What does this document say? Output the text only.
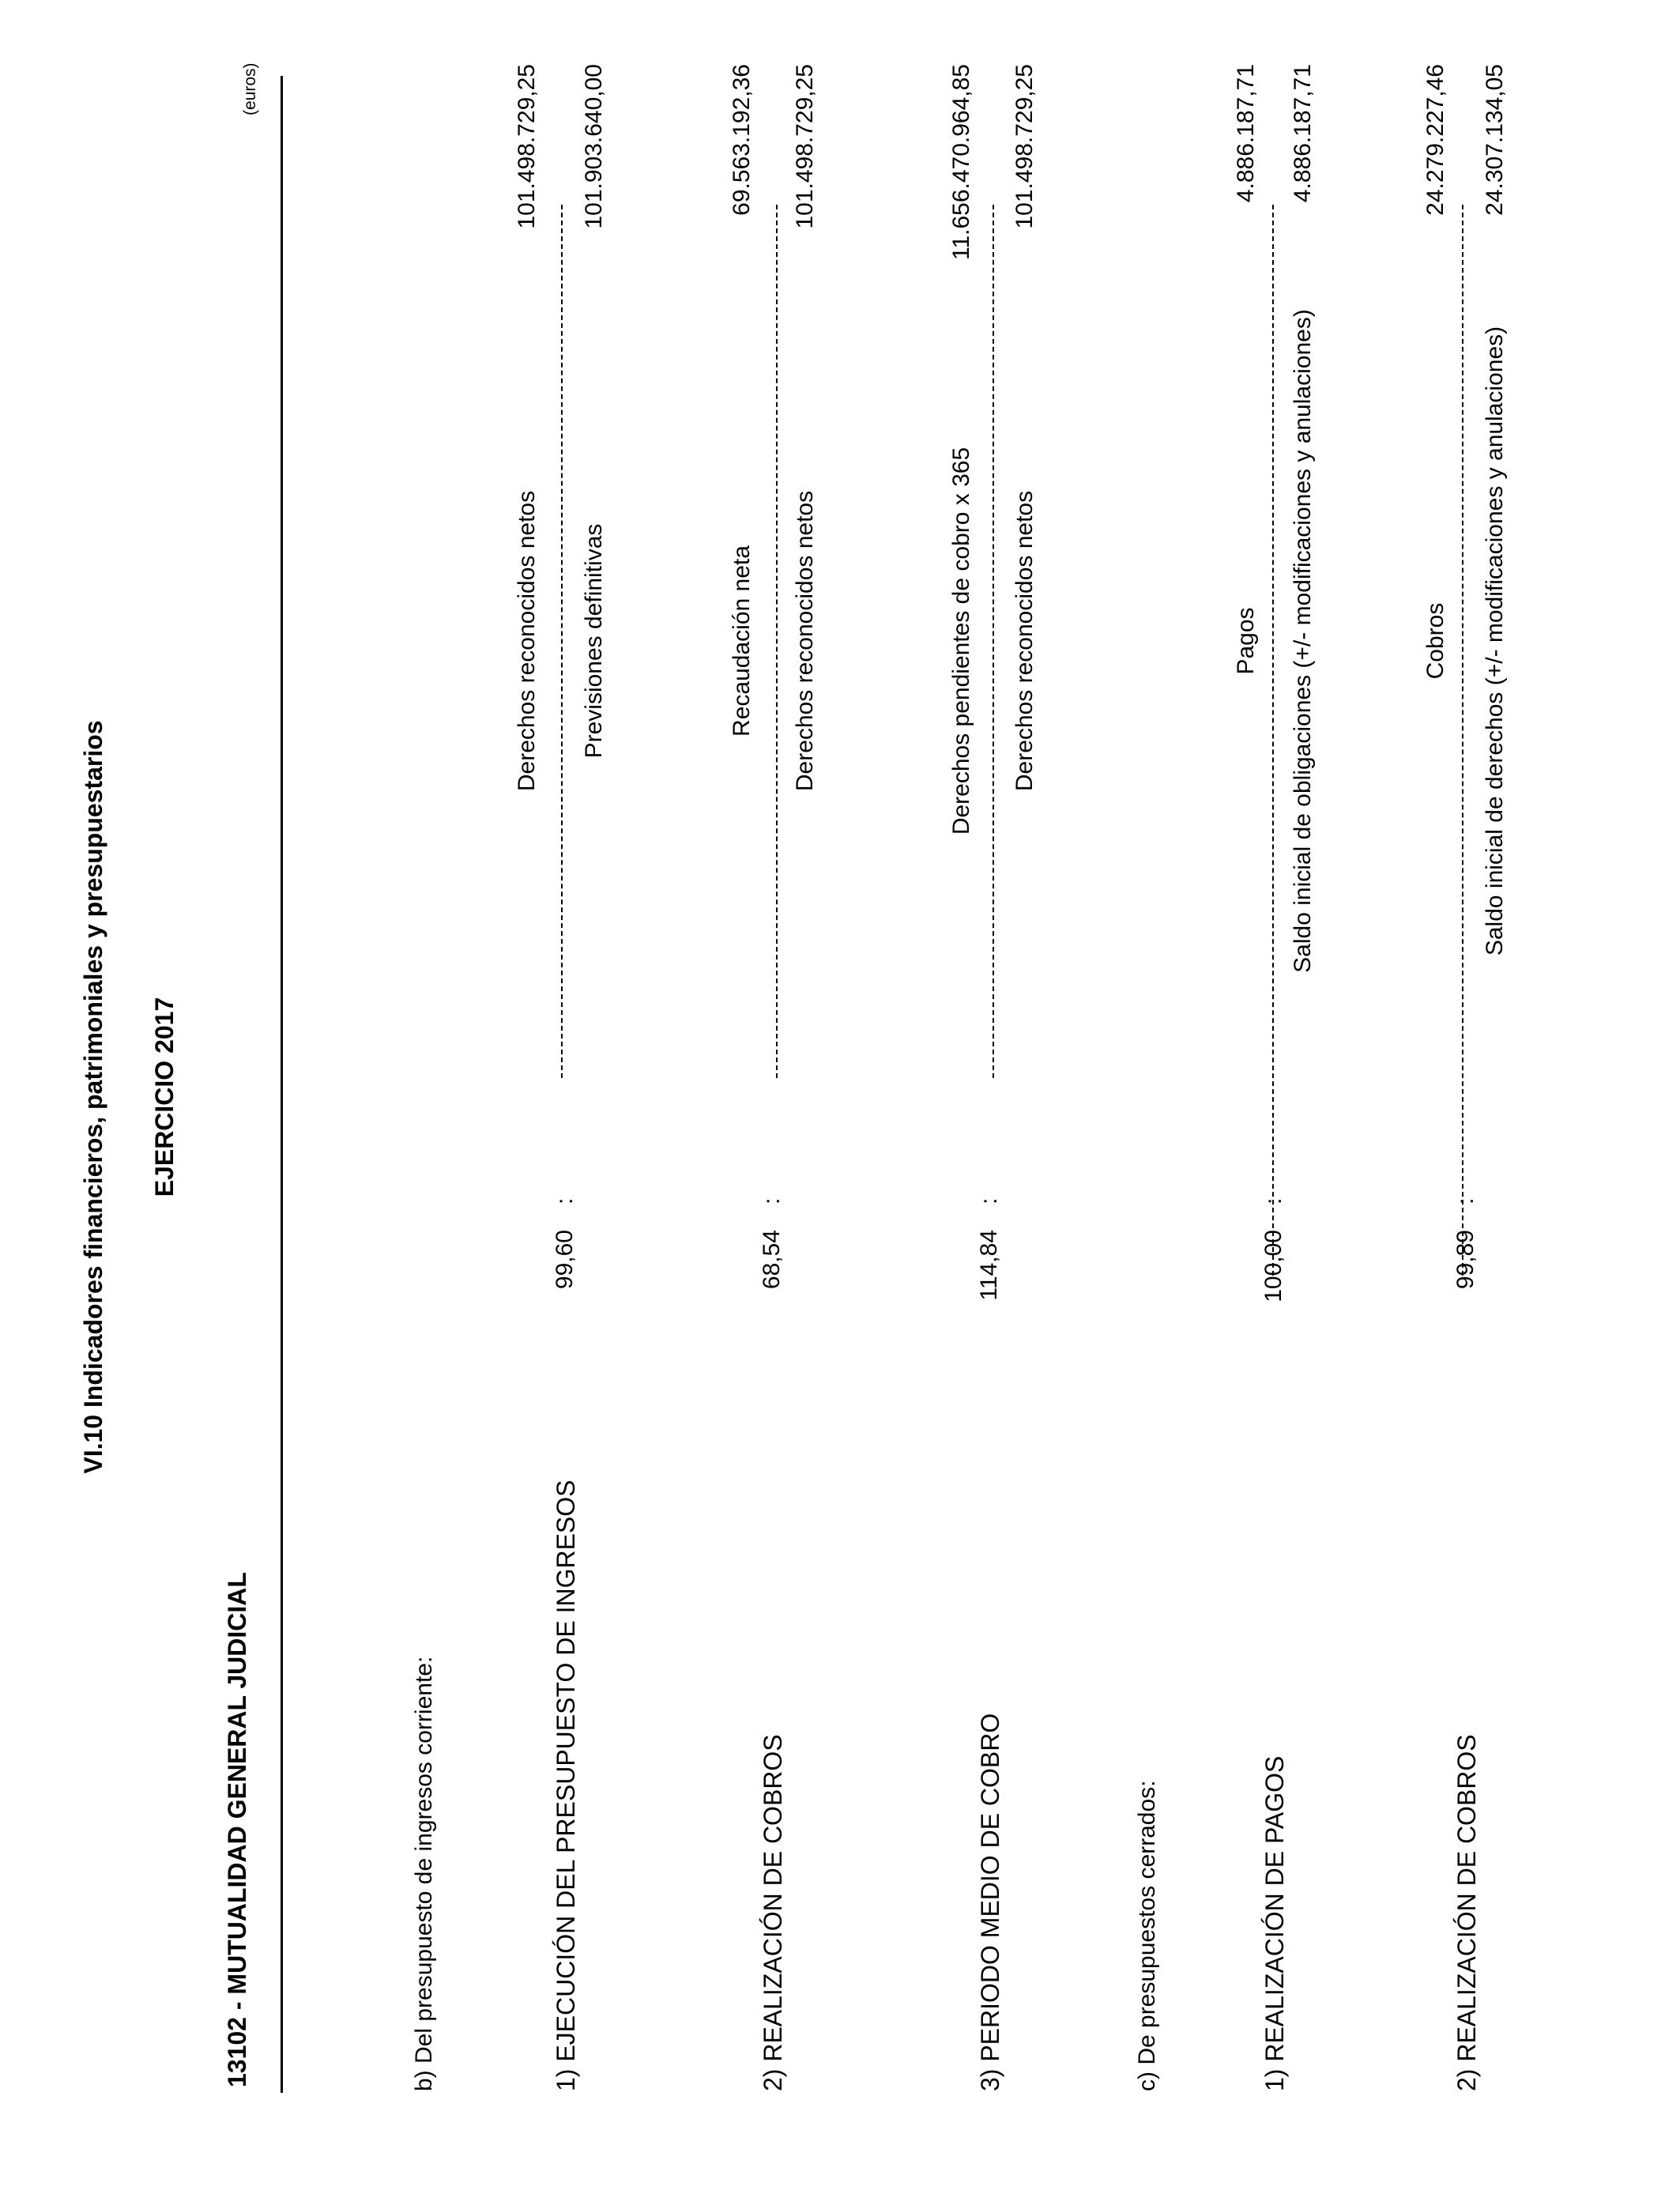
VI.10 Indicadores financieros, patrimoniales y presupuestarios EJERCICIO 2017
13102 - MUTUALIDAD GENERAL JUDICIAL
(euros)
b) Del presupuesto de ingresos corriente:	1) EJECUCIÓN DEL PRESUPUESTO DE INGRESOS
99,60
:
Derechos reconocidos netos Previsiones definitivas
101.498.729,25 101.903.640,00
2) REALIZACIÓN DE COBROS
68,54
:
Recaudación neta Derechos reconocidos netos
69.563.192,36 101.498.729,25
3) PERIODO MEDIO DE COBRO
114,84
:
Derechos pendientes de cobro x 365 Derechos reconocidos netos
11.656.470.964,85 101.498.729,25
c) De presupuestos cerrados:	1) REALIZACIÓN DE PAGOS
100,00
:
Pagos Saldo inicial de obligaciones (+/- modificaciones y anulaciones)
4.886.187,71 4.886.187,71
2) REALIZACIÓN DE COBROS
99,89
:
Cobros Saldo inicial de derechos (+/- modificaciones y anulaciones)
24.279.227,46 24.307.134,05
